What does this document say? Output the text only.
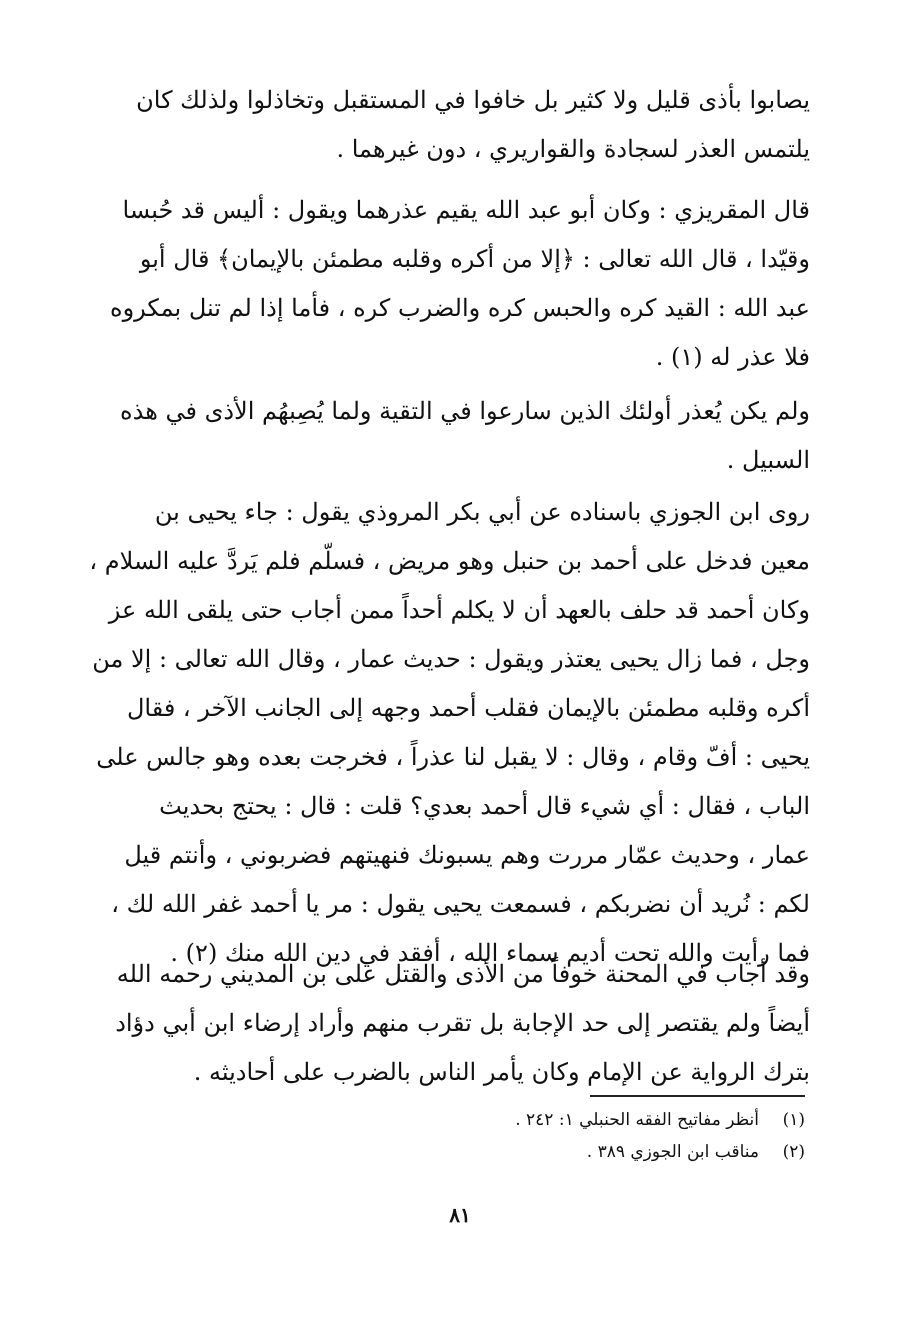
يصابوا بأذى قليل ولا كثير بل خافوا في المستقبل وتخاذلوا ولذلك كان
يلتمس العذر لسجادة والقواريري ، دون غيرهما .
قال المقريزي : وكان أبو عبد الله يقيم عذرهما ويقول : أليس قد حُبسا
وقيّدا ، قال الله تعالى : ﴿إلا من أكره وقلبه مطمئن بالإيمان﴾ قال أبو
عبد الله : القيد كره والحبس كره والضرب كره ، فأما إذا لم تنل بمكروه
فلا عذر له (١) .
ولم يكن يُعذر أولئك الذين سارعوا في التقية ولما يُصِبهُم الأذى في هذه
السبيل .
روى ابن الجوزي باسناده عن أبي بكر المروذي يقول : جاء يحيى بن
معين فدخل على أحمد بن حنبل وهو مريض ، فسلّم فلم يَردَّ عليه السلام ،
وكان أحمد قد حلف بالعهد أن لا يكلم أحداً ممن أجاب حتى يلقى الله عز
وجل ، فما زال يحيى يعتذر ويقول : حديث عمار ، وقال الله تعالى : إلا من
أكره وقلبه مطمئن بالإيمان فقلب أحمد وجهه إلى الجانب الآخر ، فقال
يحيى : أفّ وقام ، وقال : لا يقبل لنا عذراً ، فخرجت بعده وهو جالس على
الباب ، فقال : أي شيء قال أحمد بعدي؟ قلت : قال : يحتج بحديث
عمار ، وحديث عمّار مررت وهم يسبونك فنهيتهم فضربوني ، وأنتم قيل
لكم : نُريد أن نضربكم ، فسمعت يحيى يقول : مر يا أحمد غفر الله لك ،
فما رأيت والله تحت أديم سماء الله ، أفقد في دين الله منك (٢) .
وقد أجاب في المحنة خوفاً من الأذى والقتل على بن المديني رحمه الله
أيضاً ولم يقتصر إلى حد الإجابة بل تقرب منهم وأراد إرضاء ابن أبي دؤاد
بترك الرواية عن الإمام وكان يأمر الناس بالضرب على أحاديثه .
(١)أنظر مفاتيح الفقه الحنبلي ١: ٢٤٢ .
(٢)مناقب ابن الجوزي ٣٨٩ .
٨١
